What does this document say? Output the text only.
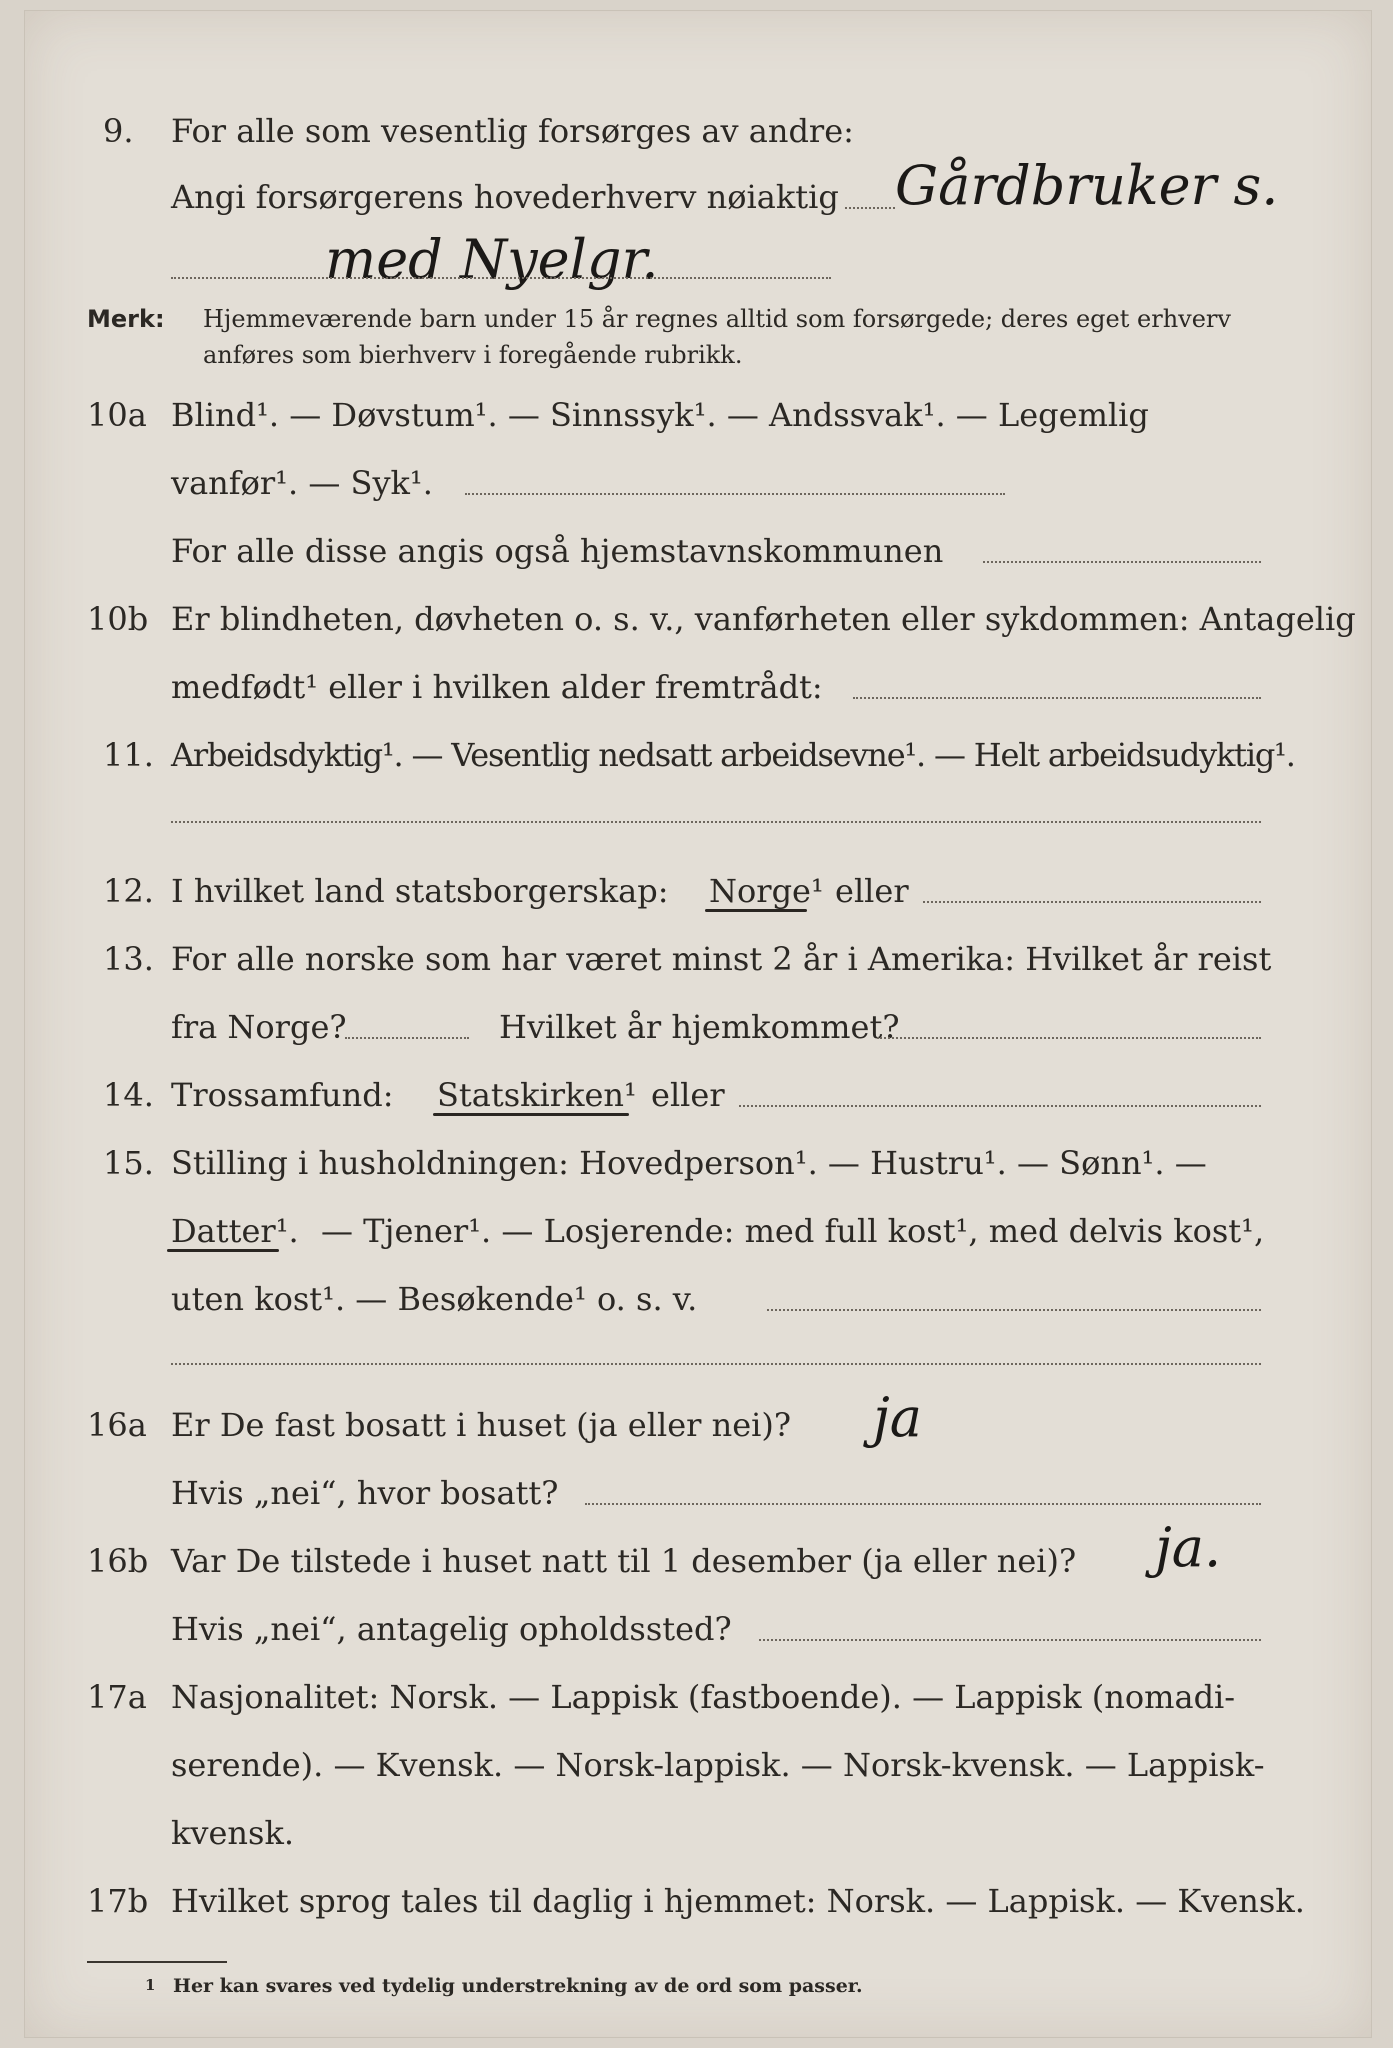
9. For alle som vesentlig forsørges av andre:
Angi forsørgerens hovederhverv nøiaktig Gårdbruker s.
med Nyelgr.
Merk: Hjemmeværende barn under 15 år regnes alltid som forsørgede; deres eget erhverv
anføres som bierhverv i foregående rubrikk.
10a Blind¹. — Døvstum¹. — Sinnssyk¹. — Andssvak¹. — Legemlig
vanfør¹. — Syk¹.
For alle disse angis også hjemstavnskommunen
10b Er blindheten, døvheten o. s. v., vanførheten eller sykdommen: Antagelig
medfødt¹ eller i hvilken alder fremtrådt:
11. Arbeidsdyktig¹. — Vesentlig nedsatt arbeidsevne¹. — Helt arbeidsudyktig¹.
12. I hvilket land statsborgerskap: Norge¹ eller
13. For alle norske som har været minst 2 år i Amerika: Hvilket år reist
fra Norge?	Hvilket år hjemkommet?
14. Trossamfund: Statskirken¹ eller
15. Stilling i husholdningen: Hovedperson¹. — Hustru¹. — Sønn¹. —
Datter¹. — Tjener¹. — Losjerende: med full kost¹, med delvis kost¹,
uten kost¹. — Besøkende¹ o. s. v.
16a Er De fast bosatt i huset (ja eller nei)? ja
Hvis „nei“, hvor bosatt?
16b Var De tilstede i huset natt til 1 desember (ja eller nei)? ja.
Hvis „nei“, antagelig opholdssted?
17a Nasjonalitet: Norsk. — Lappisk (fastboende). — Lappisk (nomadi-
serende). — Kvensk. — Norsk-lappisk. — Norsk-kvensk. — Lappisk-
kvensk.
17b Hvilket sprog tales til daglig i hjemmet: Norsk. — Lappisk. — Kvensk.
1 Her kan svares ved tydelig understrekning av de ord som passer.
